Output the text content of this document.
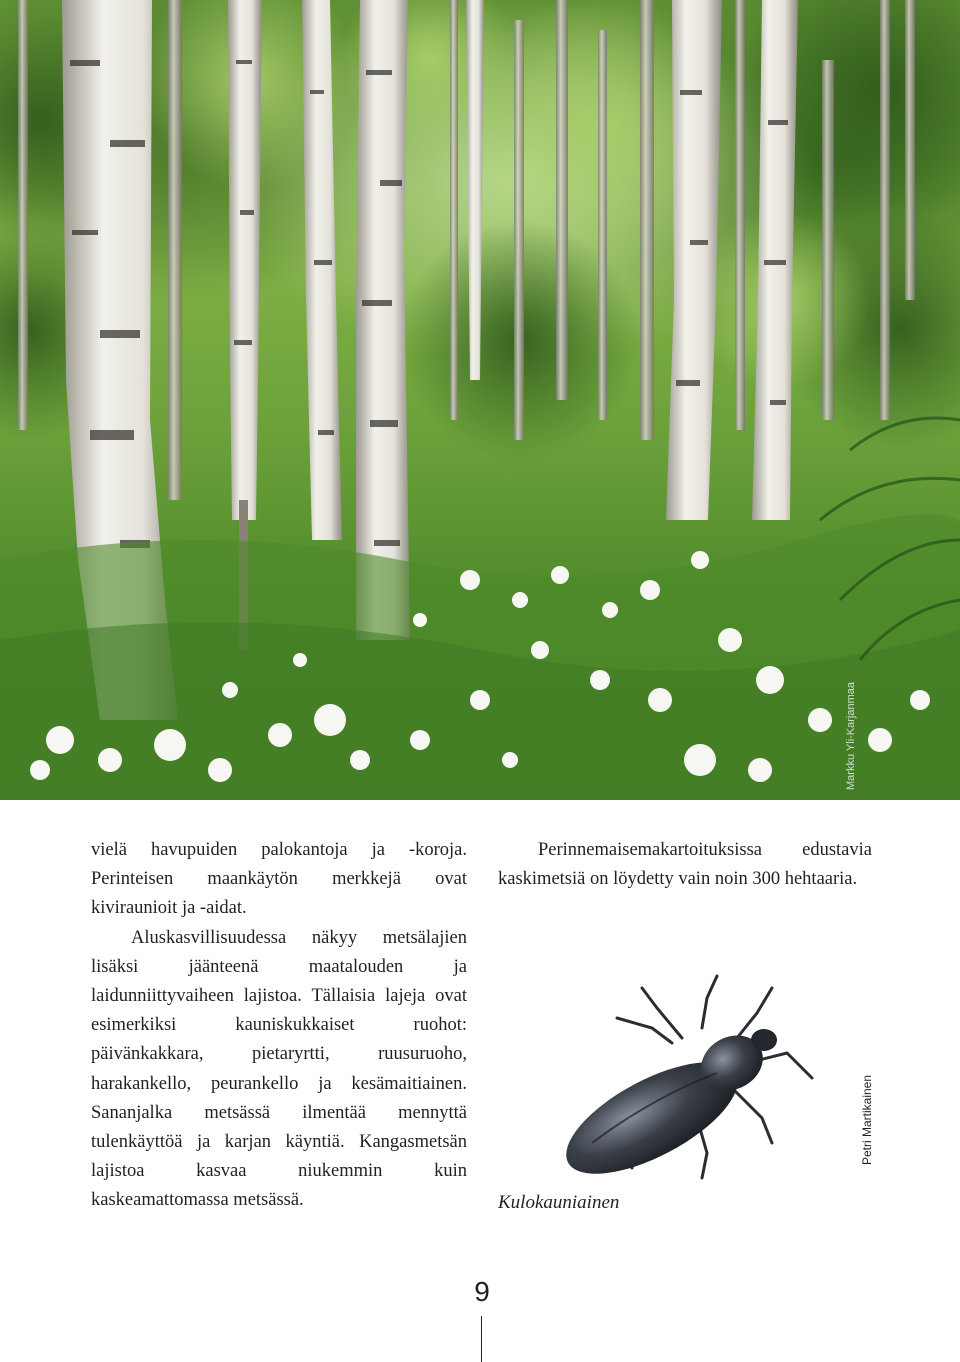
Markku Yli-Karjanmaa

vielä havupuiden palokantoja ja -koroja. Perinteisen maankäytön merkkejä ovat kiviraunioit ja -aidat.

Aluskasvillisuudessa näkyy metsälajien lisäksi jäänteenä maatalouden ja laidunniittyvaiheen lajistoa. Tällaisia lajeja ovat esimerkiksi kauniskukkaiset ruohot: päivänkakkara, pietaryrtti, ruusuruoho, harakankello, peurankello ja kesämaitiainen. Sananjalka metsässä ilmentää mennyttä tulenkäyttöä ja karjan käyntiä. Kangasmetsän lajistoa kasvaa niukemmin kuin kaskeamattomassa metsässä.

Perinnemaisemakartoituksissa edustavia kaskimetsiä on löydetty vain noin 300 hehtaaria.

Kulokauniainen
Petri Martikainen
9
